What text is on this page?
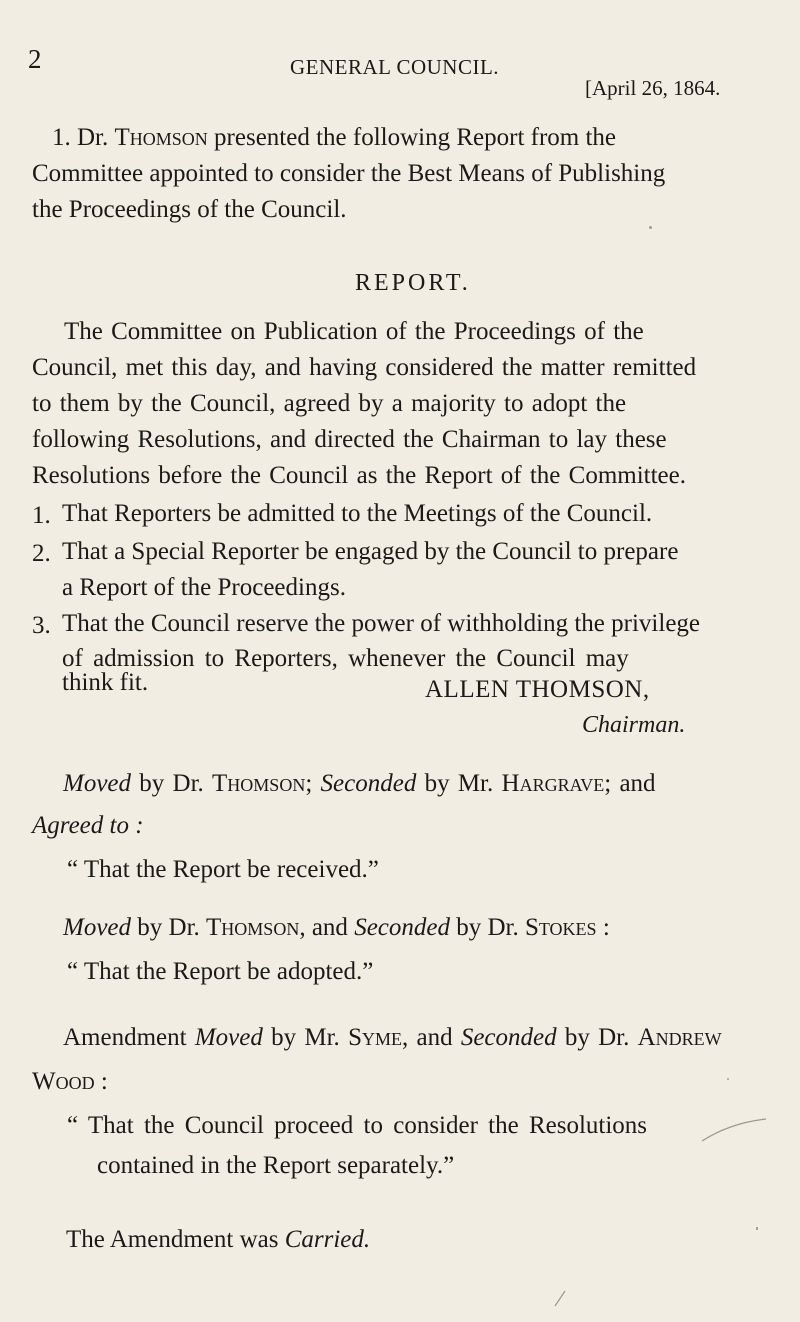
2	GENERAL COUNCIL.
[April 26, 1864.
1. Dr. Thomson presented the following Report from the
Committee appointed to consider the Best Means of Publishing
the Proceedings of the Council.
REPORT.
The Committee on Publication of the Proceedings of the
Council, met this day, and having considered the matter remitted
to them by the Council, agreed by a majority to adopt the
following Resolutions, and directed the Chairman to lay these
Resolutions before the Council as the Report of the Committee.
1. That Reporters be admitted to the Meetings of the Council.
2. That a Special Reporter be engaged by the Council to prepare
a Report of the Proceedings.
3. That the Council reserve the power of withholding the privilege
of admission to Reporters, whenever the Council may
think fit.	ALLEN THOMSON,
Chairman.
Moved by Dr. Thomson; Seconded by Mr. Hargrave; and
Agreed to :
“ That the Report be received.”
Moved by Dr. Thomson, and Seconded by Dr. Stokes :
“ That the Report be adopted.”
Amendment Moved by Mr. Syme, and Seconded by Dr. Andrew
Wood :
“ That the Council proceed to consider the Resolutions
contained in the Report separately.”
The Amendment was Carried.
